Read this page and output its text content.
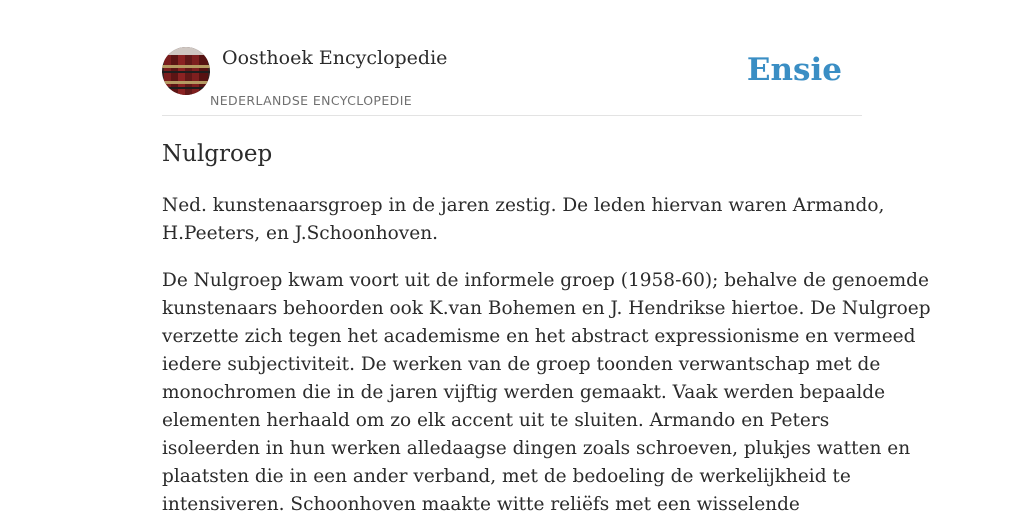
Oosthoek Encyclopedie
NEDERLANDSE ENCYCLOPEDIE
Ensie
Nulgroep

Ned. kunstenaarsgroep in de jaren zestig. De leden hiervan waren Armando,
H.Peeters, en J.Schoonhoven.

De Nulgroep kwam voort uit de informele groep (1958-60); behalve de genoemde
kunstenaars behoorden ook K.van Bohemen en J. Hendrikse hiertoe. De Nulgroep
verzette zich tegen het academisme en het abstract expressionisme en vermeed
iedere subjectiviteit. De werken van de groep toonden verwantschap met de
monochromen die in de jaren vijftig werden gemaakt. Vaak werden bepaalde
elementen herhaald om zo elk accent uit te sluiten. Armando en Peters
isoleerden in hun werken alledaagse dingen zoals schroeven, plukjes watten en
plaatsten die in een ander verband, met de bedoeling de werkelijkheid te
intensiveren. Schoonhoven maakte witte reliëfs met een wisselende
